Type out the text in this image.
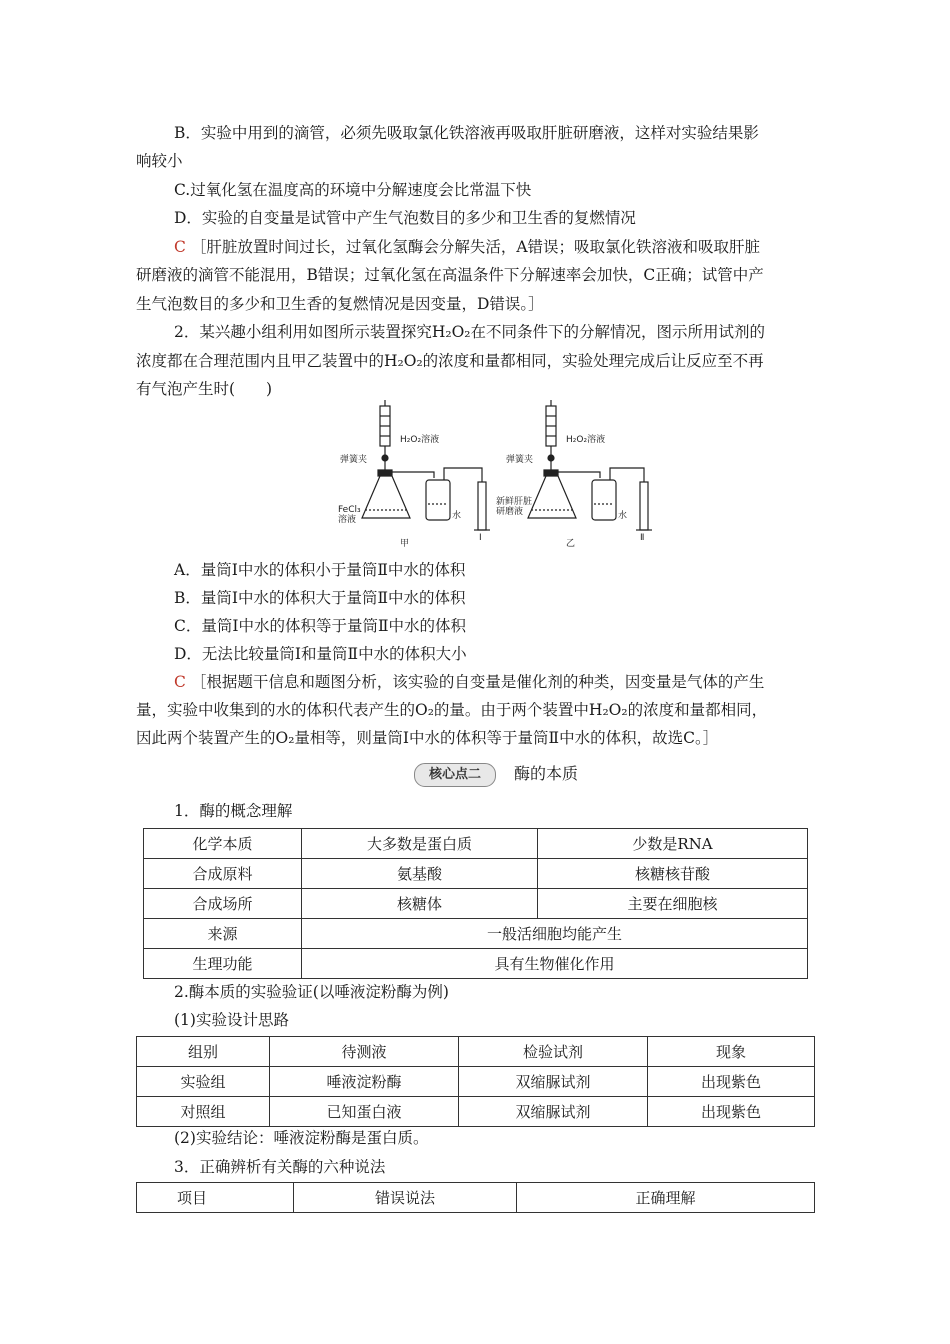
B．实验中用到的滴管，必须先吸取氯化铁溶液再吸取肝脏研磨液，这样对实验结果影
响较小
C.过氧化氢在温度高的环境中分解速度会比常温下快
D．实验的自变量是试管中产生气泡数目的多少和卫生香的复燃情况
C ［肝脏放置时间过长，过氧化氢酶会分解失活，A错误；吸取氯化铁溶液和吸取肝脏
研磨液的滴管不能混用，B错误；过氧化氢在高温条件下分解速率会加快，C正确；试管中产
生气泡数目的多少和卫生香的复燃情况是因变量，D错误。］
2．某兴趣小组利用如图所示装置探究H₂O₂在不同条件下的分解情况，图示所用试剂的
浓度都在合理范围内且甲乙装置中的H₂O₂的浓度和量都相同，实验处理完成后让反应至不再
有气泡产生时(　　)
H₂O₂溶液
弹簧夹
FeCl₃
溶液	水
Ⅰ
甲
H₂O₂溶液
弹簧夹
新鲜肝脏
研磨液	水
Ⅱ
乙
A．量筒Ⅰ中水的体积小于量筒Ⅱ中水的体积
B．量筒Ⅰ中水的体积大于量筒Ⅱ中水的体积
C．量筒Ⅰ中水的体积等于量筒Ⅱ中水的体积
D．无法比较量筒Ⅰ和量筒Ⅱ中水的体积大小
C ［根据题干信息和题图分析，该实验的自变量是催化剂的种类，因变量是气体的产生
量，实验中收集到的水的体积代表产生的O₂的量。由于两个装置中H₂O₂的浓度和量都相同，
因此两个装置产生的O₂量相等，则量筒Ⅰ中水的体积等于量筒Ⅱ中水的体积，故选C。］
核心点二	酶的本质
1．酶的概念理解
化学本质	大多数是蛋白质	少数是RNA
合成原料	氨基酸	核糖核苷酸
合成场所	核糖体	主要在细胞核
来源	一般活细胞均能产生	
生理功能	具有生物催化作用	
2.酶本质的实验验证(以唾液淀粉酶为例)
(1)实验设计思路
组别	待测液	检验试剂	现象
实验组	唾液淀粉酶	双缩脲试剂	出现紫色
对照组	已知蛋白液	双缩脲试剂	出现紫色
(2)实验结论：唾液淀粉酶是蛋白质。
3．正确辨析有关酶的六种说法
项目	错误说法	正确理解
